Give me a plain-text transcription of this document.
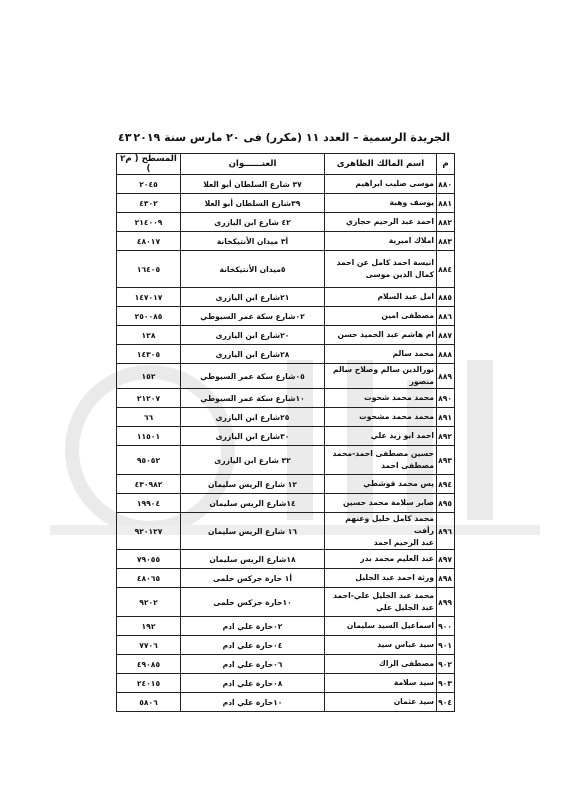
الجريدة الرسمية – العدد ١١ (مكرر) فى ٢٠ مارس سنة ٢٠١٩
٤٣
م	اسم المالك الظاهرى	العنــــــوان	المسطح ( م٢ )
٨٨٠	موسى صليب ابراهيم	٣٧ شارع السلطان أبو العلا	٢٠٤٥
٨٨١	يوسف وهبة	٣٩شارع السلطان أبو العلا	٤٣٠٢
٨٨٢	احمد عبد الرحيم حجازي	٤٢ شارع ابن اليازرى	٢١٤٠٠٩
٨٨٣	املاك اميرية	أ٣ ميدان الأنتيكخانة	٤٨٠١٧
٨٨٤	انيسة احمد كامل عن احمد
كمال الدين موسى	٥ميدان الأنتيكخانة	١٦٤٠٥
٨٨٥	امل عبد السلام	٢١شارع ابن اليازرى	١٤٧٠١٧
٨٨٦	مصطفى امين	٠٢شارع سكة عمر السيوطي	٢٥٠٠٨٥
٨٨٧	ام هاشم عبد الحميد حسن	٢٠شارع ابن اليازرى	١٢٨
٨٨٨	محمد سالم	٢٨شارع ابن اليازرى	١٤٣٠٥
٨٨٩	نورالدين سالم وصلاح سالم منصور	٠٥شارع سكة عمر السيوطي	١٥٢
٨٩٠	محمد محمد شحوت	١٠شارع سكة عمر السيوطي	٢١٢٠٧
٨٩١	محمد محمد مشحوت	٢٥شارع ابن اليازرى	٦٦
٨٩٢	احمد ابو زيد علي	٣٠شارع ابن اليازرى	١١٥٠١
٨٩٣	حسين مصطفى احمد-محمد
مصطفى احمد	٣٢ شارع ابن اليازرى	٩٥٠٥٢
٨٩٤	يس محمد قوشطي	١٢ شارع الريس سليمان	٤٣٠٩٨٢
٨٩٥	صابر سلامة محمد حسين	١٤شارع الريس سليمان	١٩٩٠٤
٨٩٦	محمد كامل خليل وعنهم رأفت
عبد الرحيم احمد	١٦ شارع الريس سليمان	٩٢٠١٢٧
٨٩٧	عبد العليم محمد بدر	١٨شارع الريس سليمان	٧٩٠٥٥
٨٩٨	ورثة احمد عبد الجليل	أ١ حارة جركس حلمى	٤٨٠٦٥
٨٩٩	محمد عبد الجليل علي-احمد
عبد الجليل علي	١٠حارة جركس حلمى	٩٢٠٢
٩٠٠	اسماعيل السيد سليمان	٠٢حارة علي ادم	١٩٢
٩٠١	سيد عباس سيد	٠٤حارة علي ادم	٧٧٠٦
٩٠٢	مصطفى الزاك	٠٦حارة علي ادم	٤٩٠٨٥
٩٠٣	سيد سلامة	٠٨حارة علي ادم	٢٤٠١٥
٩٠٤	سيد عثمان	١٠حارة علي ادم	٥٨٠٦
